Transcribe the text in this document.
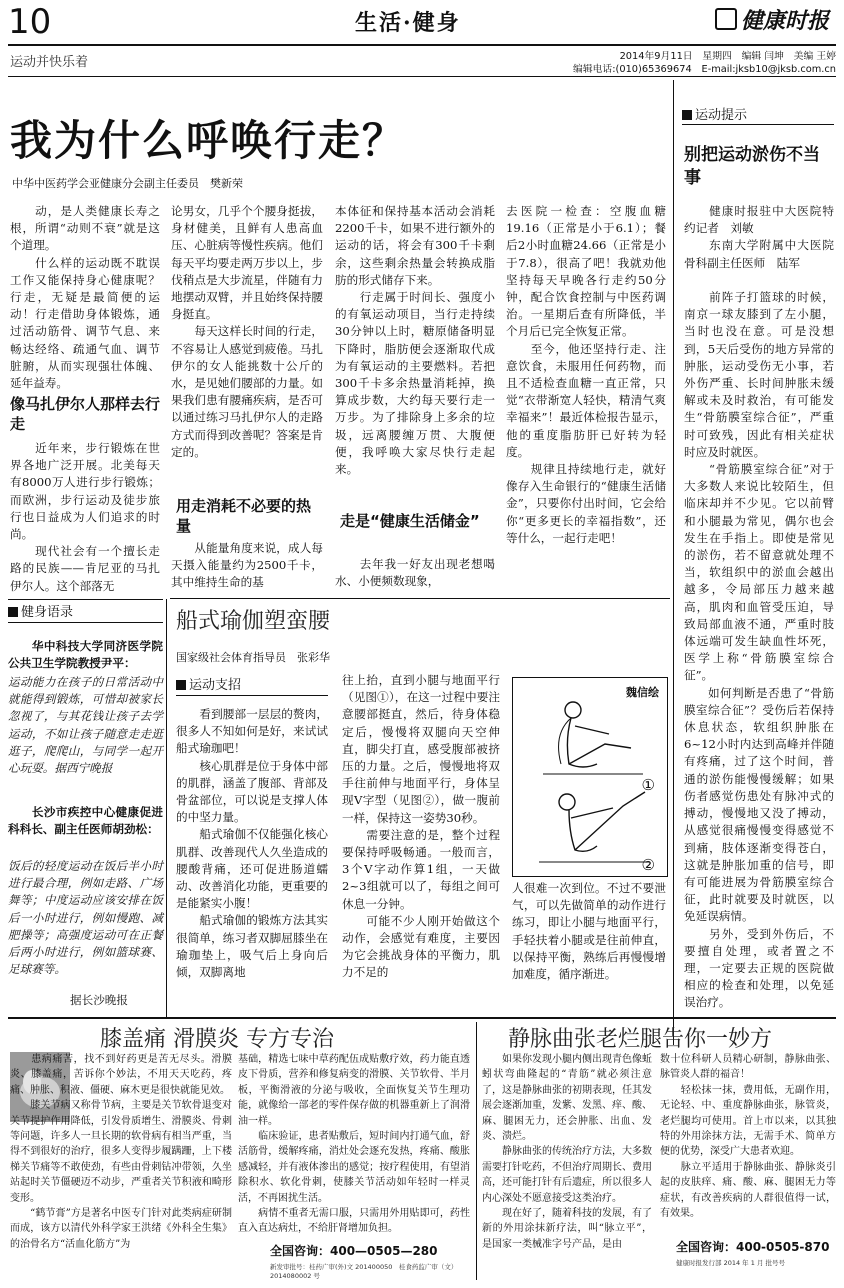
10	生活·健身	健康时报
运动并快乐着	2014年9月11日　星期四　编辑 闫坤　美编 王婷
编辑电话:(010)65369674　E-mail:jksb10@jksb.com.cn
我为什么呼唤行走？
中华中医药学会亚健康分会副主任委员　樊新荣
　　动，是人类健康长寿之根，所谓“动则不衰”就是这个道理。
　　什么样的运动既不耽误工作又能保持身心健康呢？行走，无疑是最简便的运动！行走借助身体锻炼，通过活动筋骨、调节气息、来畅达经络、疏通气血、调节脏腑，从而实现强壮体魄、延年益寿。
像马扎伊尔人那样去行走
　　近年来，步行锻炼在世界各地广泛开展。北美每天有8000万人进行步行锻炼；而欧洲，步行运动及徒步旅行也日益成为人们追求的时尚。
　　现代社会有一个擅长走路的民族——肯尼亚的马扎伊尔人。这个部落无
论男女，几乎个个腰身挺拔，身材健美，且鲜有人患高血压、心脏病等慢性疾病。他们每天平均要走两万步以上，步伐稍点是大步流星，伴随有力地摆动双臂，并且始终保持腰身挺直。
　　每天这样长时间的行走，不容易让人感觉到疲倦。马扎伊尔的女人能挑数十公斤的水，是见她们腰部的力量。如果我们患有腰痛疾病，是否可以通过练习马扎伊尔人的走路方式而得到改善呢？答案是肯定的。
用走消耗不必要的热量
　　从能量角度来说，成人每天摄入能量约为2500千卡，其中维持生命的基
本体征和保持基本活动会消耗2200千卡，如果不进行额外的运动的话，将会有300千卡剩余，这些剩余热量会转换成脂肪的形式储存下来。
　　行走属于时间长、强度小的有氧运动项目，当行走持续30分钟以上时，糖原储备明显下降时，脂肪便会逐渐取代成为有氧运动的主要燃料。若把300千卡多余热量消耗掉，换算成步数，大约每天要行走一万步。为了排除身上多余的垃圾，远离腰缠万贯、大腹便便，我呼唤大家尽快行走起来。
走是“健康生活储金”
　　去年我一好友出现老想喝水、小便频数现象，
去医院一检查：空腹血糖19.16（正常是小于6.1）；餐后2小时血糖24.66（正常是小于7.8），很高了吧！我就劝他坚持每天早晚各行走约50分钟，配合饮食控制与中医药调治。一星期后查有所降低，半个月后已完全恢复正常。
　　至今，他还坚持行走、注意饮食，未服用任何药物，而且不适检查血糖一直正常，只觉“衣带渐宽人轻快，精清气爽幸福来”！最近体检报告显示，他的重度脂肪肝已好转为轻度。
　　规律且持续地行走，就好像存入生命银行的“健康生活储金”，只要你付出时间，它会给你“更多更长的幸福指数”，还等什么，一起行走吧！
运动提示
别把运动淤伤不当事
　　健康时报驻中大医院特约记者　刘敏
　　东南大学附属中大医院骨科副主任医师　陆军
　　前阵子打篮球的时候，南京一球友膝到了左小腿，当时也没在意。可是没想到，5天后受伤的地方异常的肿胀，运动受伤无小事，若外伤严重、长时间肿胀未缓解或未及时救治，有可能发生“骨筋膜室综合征”，严重时可致残，因此有相关症状时应及时就医。
　　“骨筋膜室综合征”对于大多数人来说比较陌生，但临床却并不少见。它以前臂和小腿最为常见，偶尔也会发生在手指上。即使是常见的淤伤，若不留意就处理不当，软组织中的淤血会越出越多，令局部压力越来越高，肌肉和血管受压迫，导致局部血液不通，严重时肢体远端可发生缺血性坏死，医学上称“骨筋膜室综合征”。
　　如何判断是否患了“骨筋膜室综合征”？受伤后若保持休息状态，软组织肿胀在6~12小时内达到高峰并伴随有疼痛，过了这个时间，普通的淤伤能慢慢缓解；如果伤者感觉伤患处有脉冲式的搏动，慢慢地又没了搏动，从感觉很痛慢慢变得感觉不到痛，肢体逐渐变得苍白，这就是肿胀加重的信号，即有可能进展为骨筋膜室综合征，此时就要及时就医，以免延误病情。
　　另外，受到外伤后，不要擅自处理，或者置之不理，一定要去正规的医院做相应的检查和处理，以免延误治疗。
健身语录
　　华中科技大学同济医学院公共卫生学院教授尹平：
运动能力在孩子的日常活动中就能得到锻炼，可惜却被家长忽视了，与其花钱让孩子去学运动，不如让孩子随意走走逛逛子，爬爬山，与同学一起开心玩耍。据西宁晚报
　　长沙市疾控中心健康促进科科长、副主任医师胡劲松：
饭后的轻度运动在饭后半小时进行最合理，例如走路、广场舞等；中度运动应该安排在饭后一小时进行，例如慢跑、减肥操等；高强度运动可在正餐后两小时进行，例如篮球赛、足球赛等。
据长沙晚报
船式瑜伽塑蛮腰
国家级社会体育指导员　张彩华
运动支招
　　看到腰部一层层的赘肉，很多人不知如何是好，来试试船式瑜珈吧！
　　核心肌群是位于身体中部的肌群，涵盖了腹部、背部及骨盆部位，可以说是支撑人体的中坚力量。
　　船式瑜伽不仅能强化核心肌群、改善现代人久坐造成的腰酸背痛，还可促进肠道蠕动、改善消化功能，更重要的是能紧实小腹！
　　船式瑜伽的锻炼方法其实很简单，练习者双脚屈膝坐在瑜珈垫上，吸气后上身向后倾，双脚离地
往上抬，直到小腿与地面平行（见图①），在这一过程中要注意腰部挺直，然后，待身体稳定后，慢慢将双腿向天空伸直，脚尖打直，感受腹部被挤压的力量。之后，慢慢地将双手往前伸与地面平行，身体呈现V字型（见图②），做一腹前一样，保持这一姿势30秒。
　　需要注意的是，整个过程要保持呼吸畅通。一般而言，3个V字动作算1组，一天做2~3组就可以了，每组之间可休息一分钟。
　　可能不少人刚开始做这个动作，会感觉有难度，主要因为它会挑战身体的平衡力，肌力不足的
魏信绘
①
②
人很难一次到位。不过不要泄气，可以先做简单的动作进行练习，即让小腿与地面平行，手轻扶着小腿或是往前伸直，以保持平衡，熟练后再慢慢增加难度，循序渐进。
膝盖痛 滑膜炎 专方专治
　　患病痛苦，找不到好药更是苦无尽头。滑膜炎、膝盖痛，苦诉你个妙法，不用天天吃药，疼痛、肿胀、积液、僵硬、麻木更是很快就能见效。
　　膝关节病又称骨节病，主要是关节软骨退变对关节提护作用降低，引发骨质增生、滑膜炎、骨刺等问题，许多人一旦长期的软骨病有相当严重，当得不到很好的治疗，很多人变得步履蹒跚，上下楼梯关节痛等不敢使劲，有些由骨刺钻冲带领，久坐站起时关节僵硬迈不动步，严重者关节积液和畸形变形。
　　“鹤节膏”方是著名中医专门针对此类病症研制而成，该方以清代外科学家王洪绪《外科全生集》的治骨名方“活血化筋方”为
基础，精选七味中草药配伍成贴敷疗效，药力能直透皮下骨质，营养和修复病变的滑膜、关节软骨、半月板，平衡滑液的分泌与吸收，全面恢复关节生理功能，就像给一部老的零件保存做的机器重新上了润滑油一样。
　　临床验证，患者贴敷后，短时间内打通气血，舒活筋骨，缓解疼痛，消灶处会逐充发热，疼痛、酸胀感减轻，并有液体渗出的感觉；按疗程使用，有望消除积水、软化骨刺，使膝关节活动如年轻时一样灵活，不再困扰生活。
　　病情不重者无需口服，只需用外用贴即可，药性直入直达病灶，不给肝肾增加负担。
全国咨询：400—0505—280
新发审批号：桂药广审(外)文 201400050　桂食药监广审（文）2014080002 号
静脉曲张老烂腿告你一妙方
　　如果你发现小腿内侧出现青色像蚯蚓状弯曲隆起的“青筋”就必须注意了，这是静脉曲张的初期表现，任其发展会逐渐加重，发紫、发黑、痒、酸、麻、腿困无力，还会肿胀、出血、发炎、溃烂。
　　静脉曲张的传统治疗方法，大多数需要打针吃药，不但治疗周期长、费用高，还可能打针有后遗症，所以很多人内心深处不愿意接受这类治疗。
　　现在好了，随着科技的发展，有了新的外用涂抹新疗法，叫“脉立平”，是国家一类械准字号产品，是由
数十位科研人员精心研制，静脉曲张、脉管炎人群的福音！
　　轻松抹一抹，费用低，无副作用，无论轻、中、重度静脉曲张，脉管炎，老烂腿均可使用。首上市以来，以其独特的外用涂抹方法，无需手术、简单方便的优势，深受广大患者欢迎。
　　脉立平适用于静脉曲张、静脉炎引起的皮肤痒、痛、酸、麻、腿困无力等症状，有改善疾病的人群很值得一试，有效果。
全国咨询：400-0505-870
健康时报发行部 2014 年 1 月 批号号
